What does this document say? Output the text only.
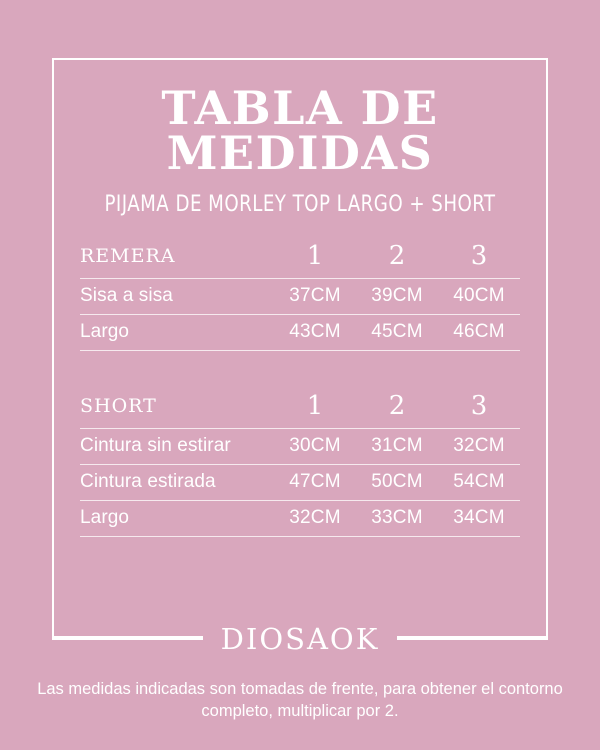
TABLA DE
MEDIDAS
PIJAMA DE MORLEY TOP LARGO + SHORT
REMERA	1	2	3
Sisa a sisa	37CM	39CM	40CM
Largo	43CM	45CM	46CM
SHORT	1	2	3
Cintura sin estirar	30CM	31CM	32CM
Cintura estirada	47CM	50CM	54CM
Largo	32CM	33CM	34CM
DIOSAOK
Las medidas indicadas son tomadas de frente, para obtener el contorno completo, multiplicar por 2.
